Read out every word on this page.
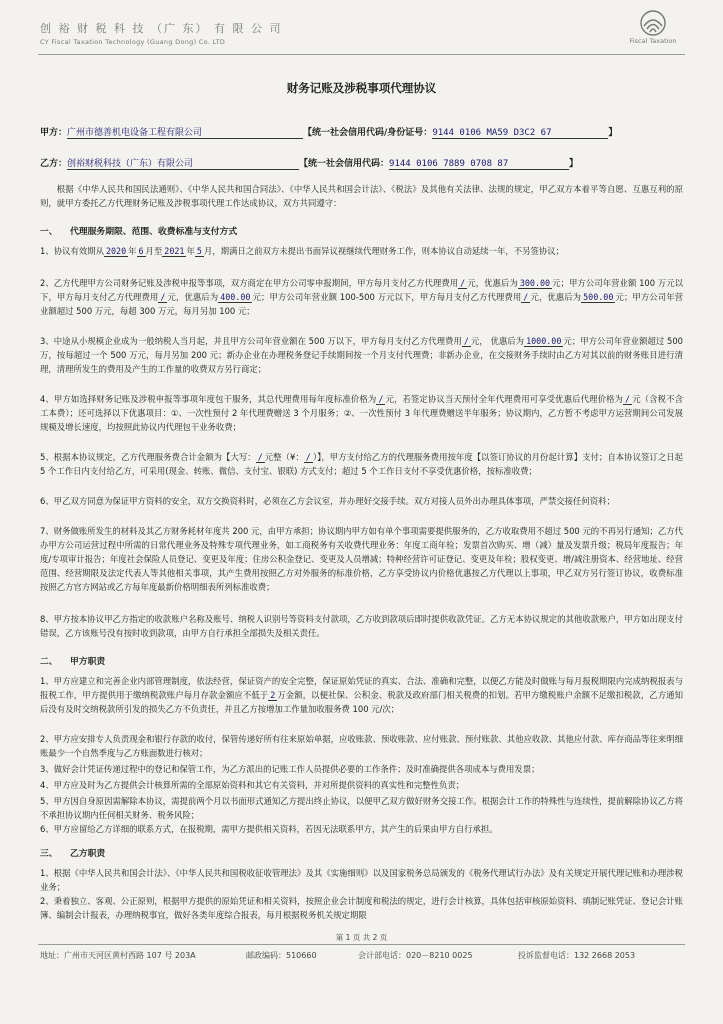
创 裕 财 税 科 技 （广 东） 有 限 公 司
CY Fiscal Taxation Technology (Guang Dong) Co. LTD	Fiscal Taxation
财务记账及涉税事项代理协议
甲方：广州市德善机电设备工程有限公司	【统一社会信用代码/身份证号：9144 0106 MA59 D3C2 67	】
乙方：创裕财税科技（广东）有限公司	【统一社会信用代码：9144 0106 7889 0708 87	】
根据《中华人民共和国民法通则》、《中华人民共和国合同法》、《中华人民共和国会计法》、《税法》及其他有关法律、法规的规定，甲乙双方本着平等自愿、互惠互利的原则，就甲方委托乙方代理财务记账及涉税事项代理工作达成协议，双方共同遵守：
一、 代理服务期限、范围、收费标准与支付方式
1、协议有效期从 2020 年 6 月至 2021 年 5 月，期满日之前双方未提出书面异议视继续代理财务工作，则本协议自动延续一年，不另签协议；
2、乙方代理甲方公司财务记账及涉税申报等事项，双方商定在甲方公司零申报期间，甲方每月支付乙方代理费用 / 元，优惠后为 300.00 元；甲方公司年营业额 100 万元以下，甲方每月支付乙方代理费用 / 元，优惠后为 400.00 元；甲方公司年营业额 100-500 万元以下，甲方每月支付乙方代理费用 / 元，优惠后为 500.00 元；甲方公司年营业额超过 500 万元，每超 300 万元，每月另加 100 元；
3、中途从小规模企业成为一般纳税人当月起，并且甲方公司年营业额在 500 万以下，甲方每月支付乙方代理费用 / 元， 优惠后为 1000.00 元；甲方公司年营业额超过 500 万，按每超过一个 500 万元，每月另加 200 元；新办企业在办理税务登记手续期间按一个月支付代理费；非新办企业，在交接财务手续时由乙方对其以前的财务账目进行清理，清理所发生的费用及产生的工作量的收费双方另行商定；
4、甲方如选择财务记账及涉税申报等事项年度包干服务，其总代理费用每年度标准价格为 / 元，若签定协议当天预付全年代理费用可享受优惠后代理价格为 / 元（含税不含工本费）；还可选择以下优惠项目：①、一次性预付 2 年代理费赠送 3 个月服务；②、一次性预付 3 年代理费赠送半年服务；协议期内，乙方暂不考虑甲方运营期间公司发展规模及增长速度，均按照此协议内代理包干业务收费；
5、根据本协议规定，乙方代理服务费合计金额为【大写： / 元整（¥： / ）】，甲方支付给乙方的代理服务费用按年度【以签订协议的月份起计算】支付；自本协议签订之日起 5 个工作日内支付给乙方，可采用(现金、转账、微信、支付宝、银联) 方式支付；超过 5 个工作日支付不享受优惠价格，按标准收费；
6、甲乙双方同意为保证甲方资料的安全，双方交换资料时，必须在乙方会议室，并办理好交接手续。双方对接人员外出办理具体事项，严禁交接任何资料；
7、财务做账所发生的材料及其乙方财务耗材年度共 200 元，由甲方承担；协议期内甲方如有单个事项需要提供服务的，乙方收取费用不超过 500 元的不再另行通知；乙方代办甲方公司运营过程中所需的日常代理业务及特殊专项代理业务，如工商税务有关收费代理业务：年度工商年检；发票首次购买、增（减）量及发票升级；税局年度报告；年度/专项审计报告；年度社会保险人员登记、变更及年度；住房公积金登记、变更及人员增减；特种经营许可证登记、变更及年检；股权变更、增/减注册资本、经营地址、经营范围、经营期限及法定代表人等其他相关事项，其产生费用按照乙方对外服务的标准价格，乙方享受协议内价格优惠按乙方代理以上事项，甲乙双方另行签订协议，收费标准按照乙方官方网站或乙方每年度最新价格明细表所列标准收费；
8、甲方按本协议甲乙方指定的收款账户名称及账号、纳税人识别号等资料支付款项，乙方收到款项后即时提供收款凭证。乙方无本协议规定的其他收款账户，甲方如出现支付错误，乙方该账号没有按时收到款项，由甲方自行承担全部损失及相关责任。
二、 甲方职责
1、甲方应建立和完善企业内部管理制度，依法经营，保证资产的安全完整，保证原始凭证的真实、合法、准确和完整，以便乙方能及时做账与每月报税期限内完成纳税报表与报税工作，甲方提供用于缴纳税款账户每月存款金额应不低于 2 万金额，以便社保、公积金、税款及政府部门相关税费的扣划。若甲方缴税账户余额不足缴扣税款，乙方通知后没有及时交纳税款所引发的损失乙方不负责任，并且乙方按增加工作量加收服务费 100 元/次；
2、甲方应安排专人负责现金和银行存款的收付，保管传递好所有往来原始单据，应收账款、预收账款、应付账款、预付账款、其他应收款、其他应付款、库存商品等往来明细账最少一个自然季度与乙方账面数进行核对；
3、做好会计凭证传递过程中的登记和保管工作，为乙方派出的记账工作人员提供必要的工作条件；及时准确提供各项成本与费用发票；
4、甲方应及时为乙方提供会计核算所需的全部原始资料和其它有关资料，并对所提供资料的真实性和完整性负责；
5、甲方因自身原因需解除本协议，需提前两个月以书面形式通知乙方提出终止协议，以便甲乙双方做好财务交接工作。根据会计工作的特殊性与连续性，提前解除协议乙方将不承担协议期内任何相关财务、税务风险；
6、甲方应留给乙方详细的联系方式，在报税期，需甲方提供相关资料，若因无法联系甲方，其产生的后果由甲方自行承担。
三、 乙方职责
1、根据《中华人民共和国会计法》、《中华人民共和国税收征收管理法》及其《实施细则》以及国家税务总局颁发的《税务代理试行办法》及有关规定开展代理记账和办理涉税业务；
2、秉着独立、客观、公正原则，根据甲方提供的原始凭证和相关资料，按照企业会计制度和税法的规定，进行会计核算，具体包括审核原始资料、填制记账凭证、登记会计账簿、编制会计报表，办理纳税事宜，做好各类年度综合报表，每月根据税务机关规定期限
第 1 页 共 2 页
地址：广州市天河区黄村西路 107 号 203A	邮政编码：510660	会计部电话：020－8210 0025	投诉监督电话：132 2668 2053
